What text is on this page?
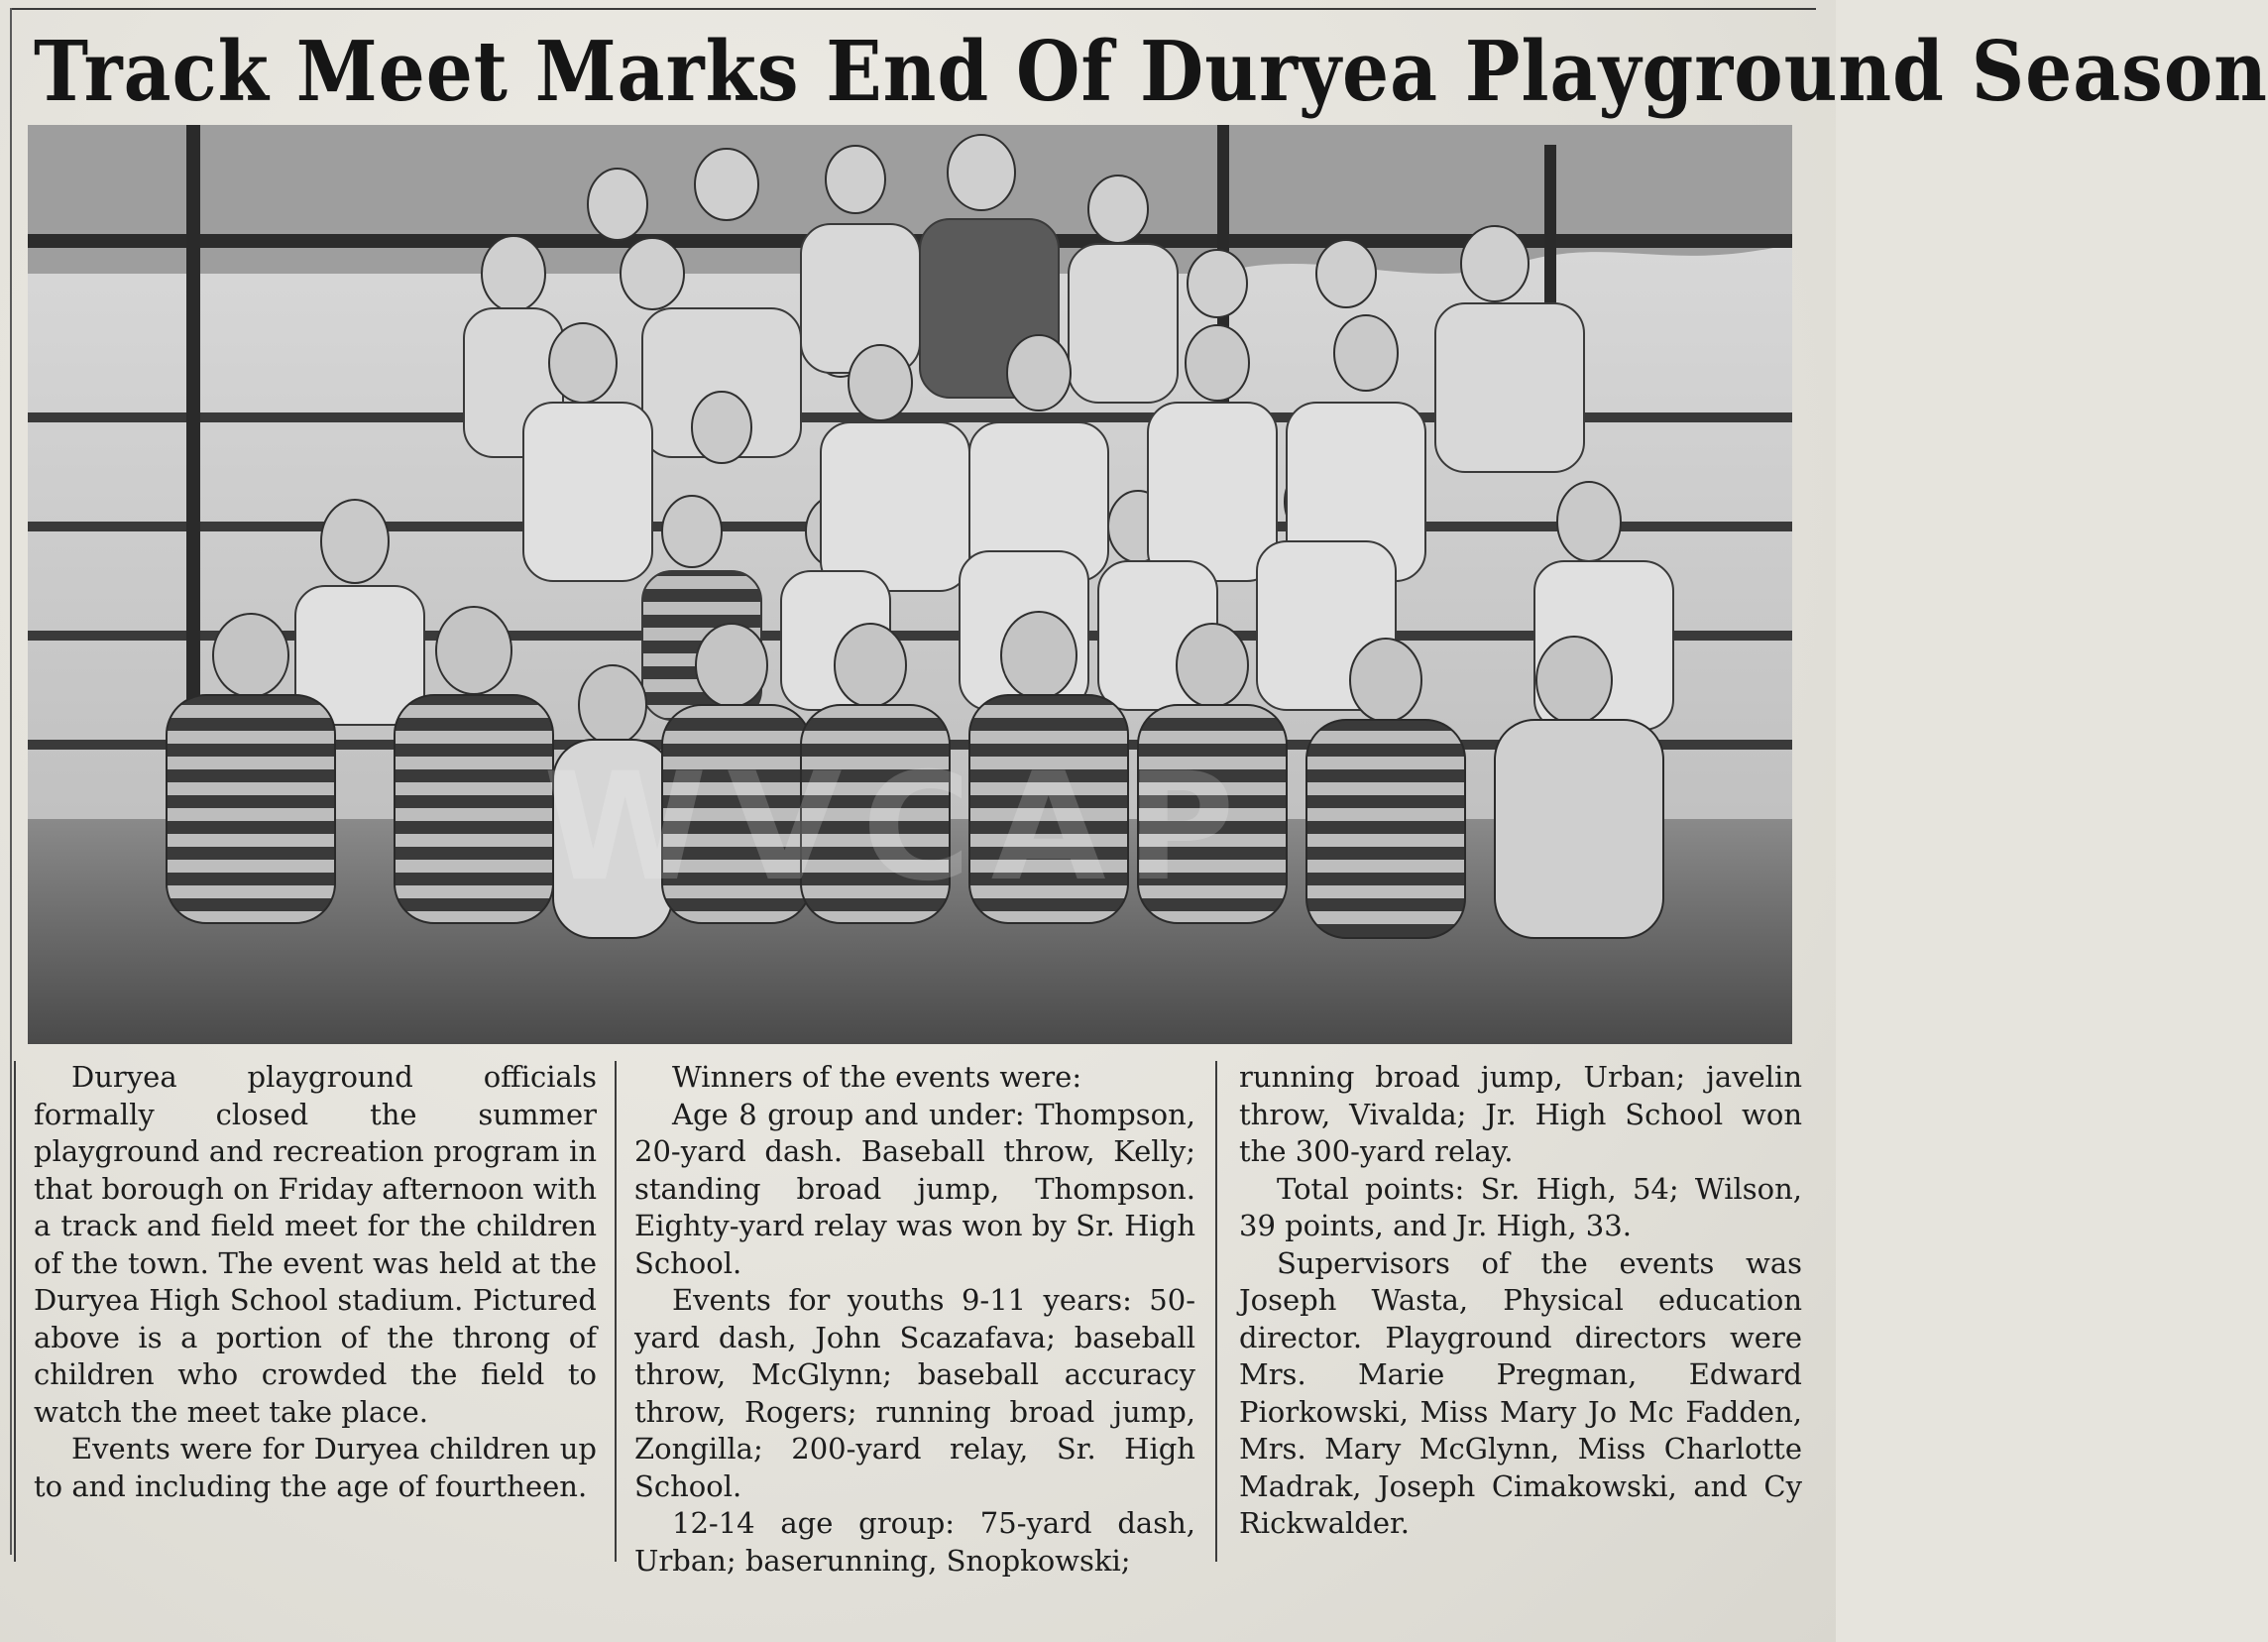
Track Meet Marks End Of Duryea Playground Season
WVCAP

Duryea playground officials formally closed the summer playground and recreation program in that borough on Friday afternoon with a track and field meet for the children of the town. The event was held at the Duryea High School stadium. Pictured above is a portion of the throng of children who crowded the field to watch the meet take place.

Events were for Duryea children up to and including the age of fourtheen.

Winners of the events were:

Age 8 group and under: Thompson, 20-yard dash. Baseball throw, Kelly; standing broad jump, Thompson. Eighty-yard relay was won by Sr. High School.

Events for youths 9-11 years: 50-yard dash, John Scazafava; baseball throw, McGlynn; baseball accuracy throw, Rogers; running broad jump, Zongilla; 200-yard relay, Sr. High School.

12-14 age group: 75-yard dash, Urban; baserunning, Snopkowski;

running broad jump, Urban; javelin throw, Vivalda; Jr. High School won the 300-yard relay.

Total points: Sr. High, 54; Wilson, 39 points, and Jr. High, 33.

Supervisors of the events was Joseph Wasta, Physical education director. Playground directors were Mrs. Marie Pregman, Edward Piorkowski, Miss Mary Jo Mc Fadden, Mrs. Mary McGlynn, Miss Charlotte Madrak, Joseph Cimakowski, and Cy Rickwalder.
